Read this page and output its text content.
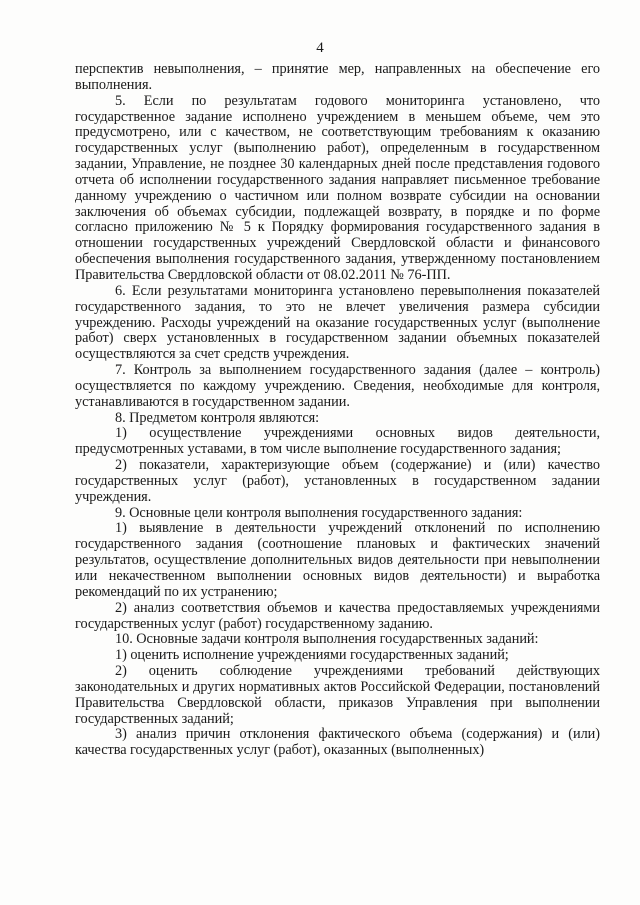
4

перспектив невыполнения, – принятие мер, направленных на обеспечение его выполнения.

5. Если по результатам годового мониторинга установлено, что государственное задание исполнено учреждением в меньшем объеме, чем это предусмотрено, или с качеством, не соответствующим требованиям к оказанию государственных услуг (выполнению работ), определенным в государственном задании, Управление, не позднее 30 календарных дней после представления годового отчета об исполнении государственного задания направляет письменное требование данному учреждению о частичном или полном возврате субсидии на основании заключения об объемах субсидии, подлежащей возврату, в порядке и по форме согласно приложению № 5 к Порядку формирования государственного задания в отношении государственных учреждений Свердловской области и финансового обеспечения выполнения государственного задания, утвержденному постановлением Правительства Свердловской области от 08.02.2011 № 76-ПП.

6. Если результатами мониторинга установлено перевыполнения показателей государственного задания, то это не влечет увеличения размера субсидии учреждению. Расходы учреждений на оказание государственных услуг (выполнение работ) сверх установленных в государственном задании объемных показателей осуществляются за счет средств учреждения.

7. Контроль за выполнением государственного задания (далее – контроль) осуществляется по каждому учреждению. Сведения, необходимые для контроля, устанавливаются в государственном задании.

8. Предметом контроля являются:

1) осуществление учреждениями основных видов деятельности, предусмотренных уставами, в том числе выполнение государственного задания;

2) показатели, характеризующие объем (содержание) и (или) качество государственных услуг (работ), установленных в государственном задании учреждения.

9. Основные цели контроля выполнения государственного задания:

1) выявление в деятельности учреждений отклонений по исполнению государственного задания (соотношение плановых и фактических значений результатов, осуществление дополнительных видов деятельности при невыполнении или некачественном выполнении основных видов деятельности) и выработка рекомендаций по их устранению;

2) анализ соответствия объемов и качества предоставляемых учреждениями государственных услуг (работ) государственному заданию.

10. Основные задачи контроля выполнения государственных заданий:

1) оценить исполнение учреждениями государственных заданий;

2) оценить соблюдение учреждениями требований действующих законодательных и других нормативных актов Российской Федерации, постановлений Правительства Свердловской области, приказов Управления при выполнении государственных заданий;

3) анализ причин отклонения фактического объема (содержания) и (или) качества государственных услуг (работ), оказанных (выполненных)
